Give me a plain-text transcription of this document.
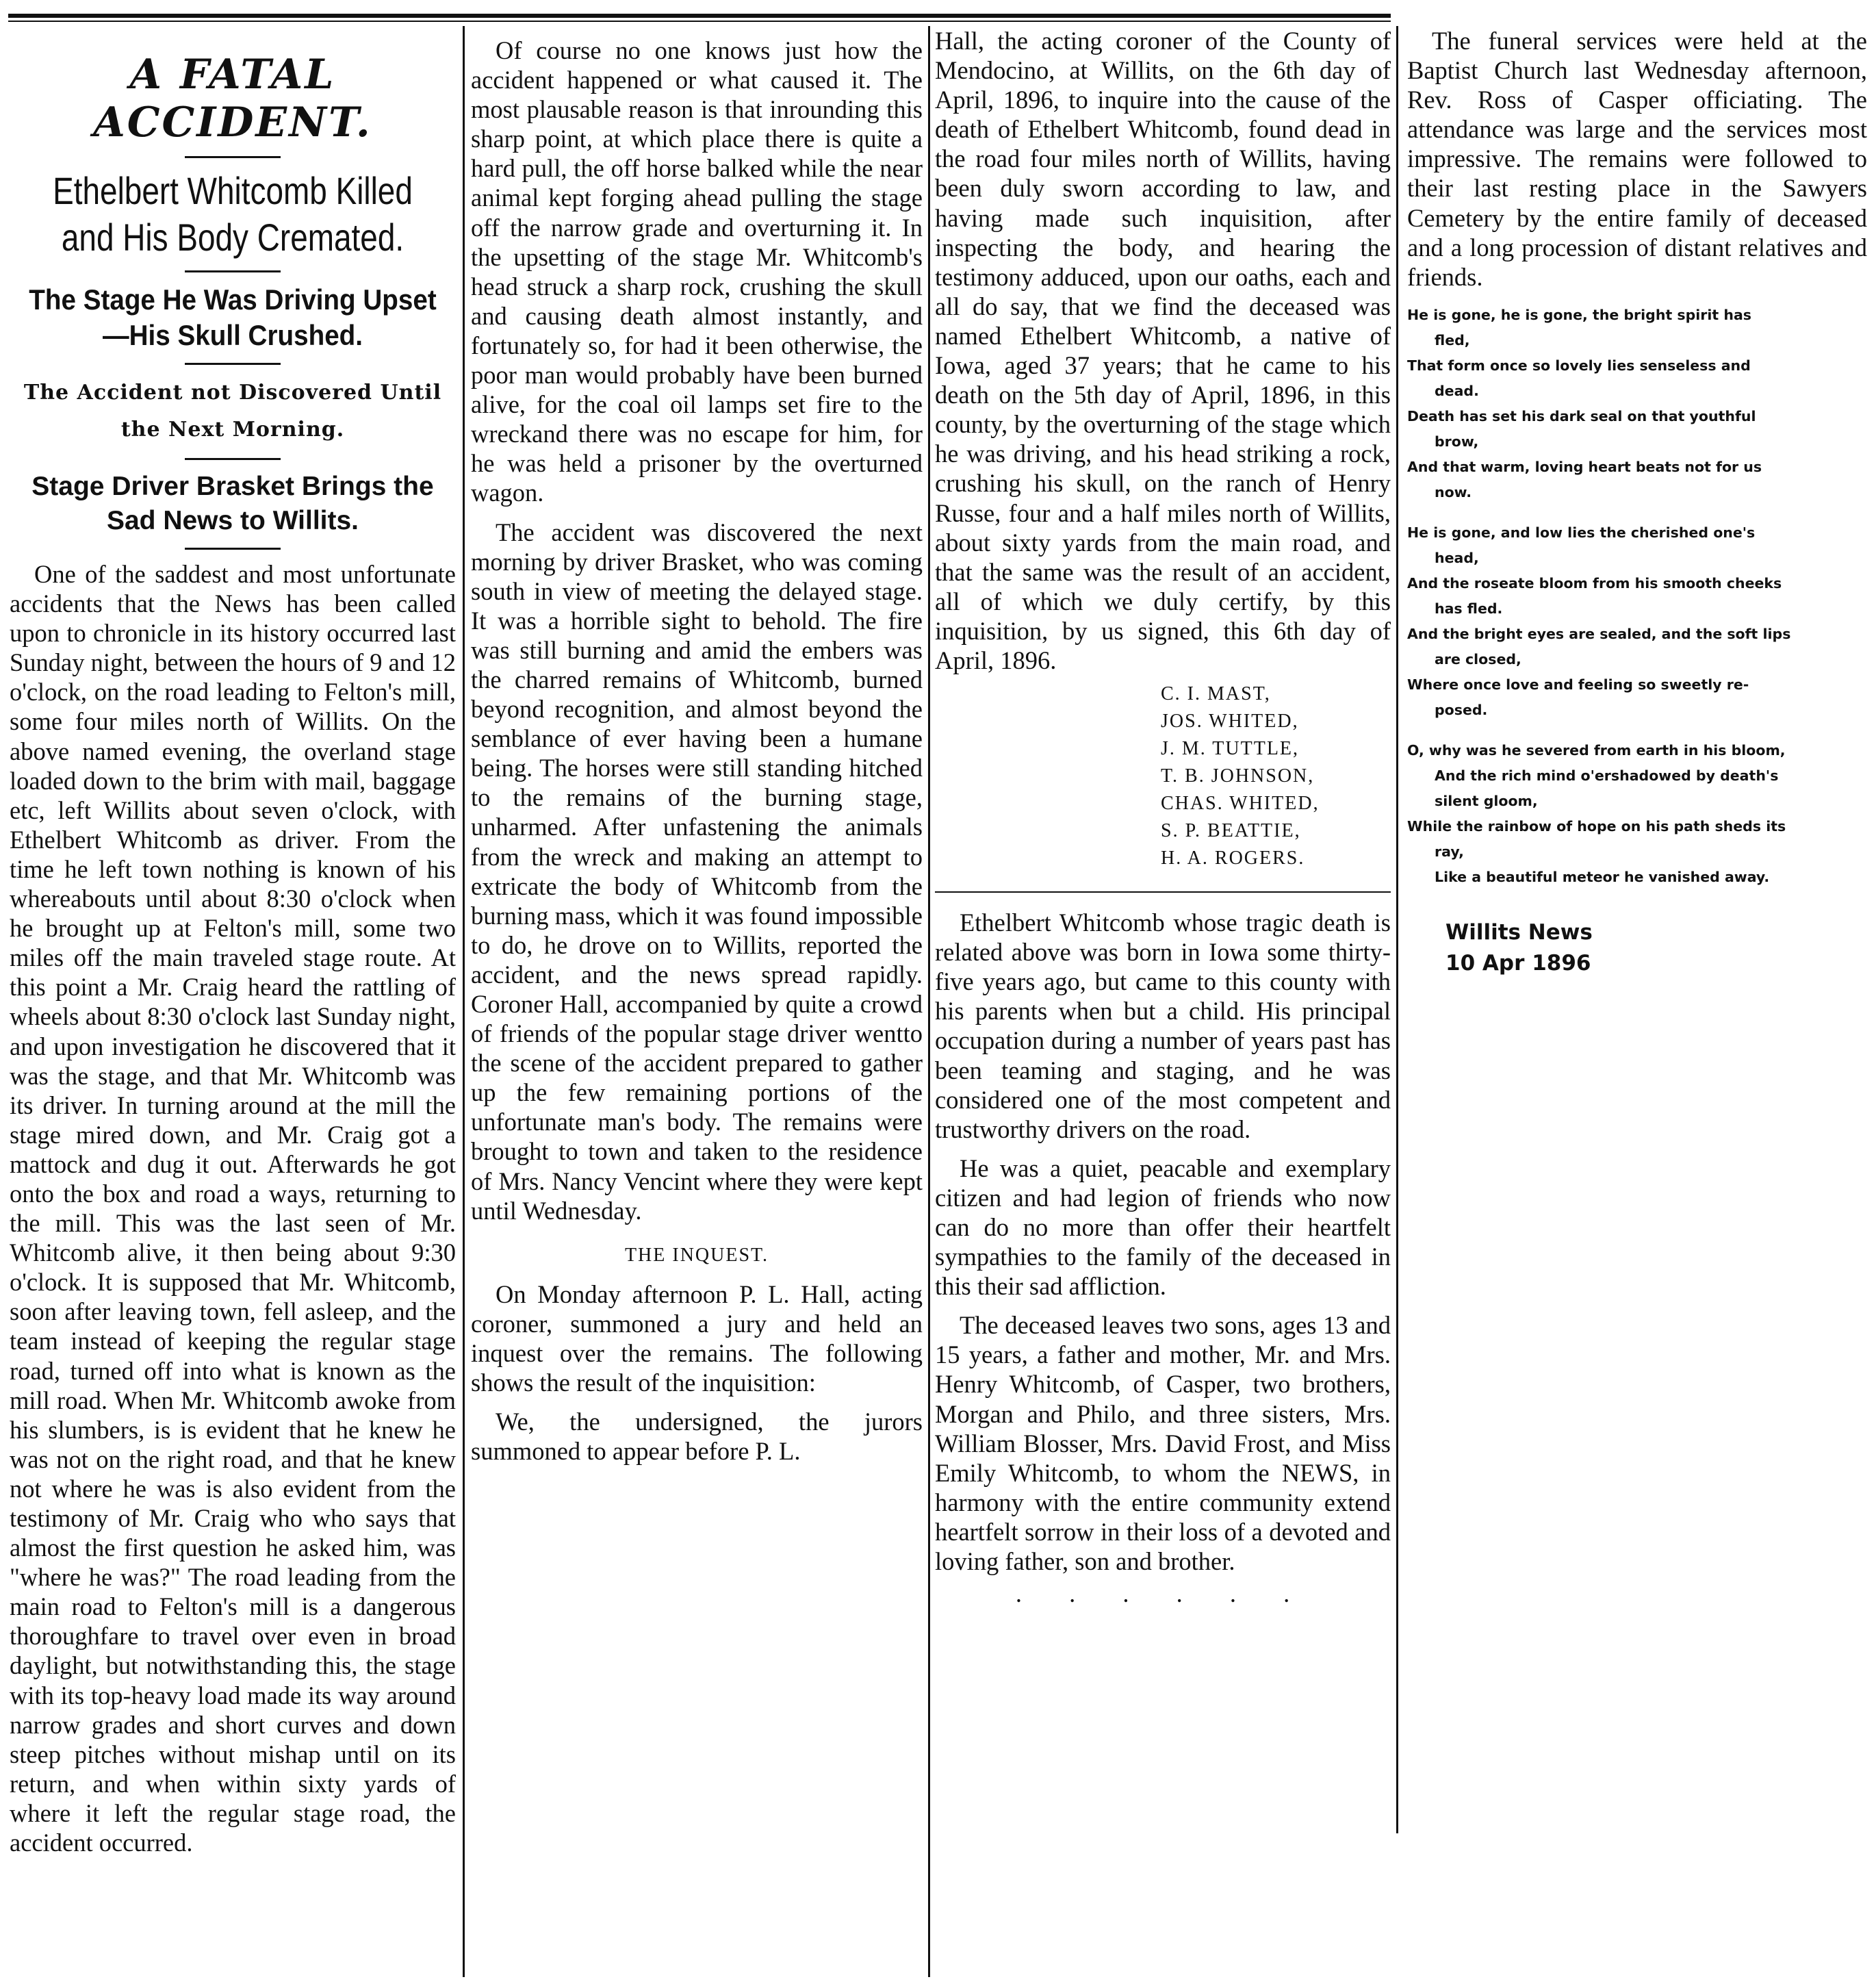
A FATAL ACCIDENT.
Ethelbert Whitcomb Killed and His Body Cremated.
The Stage He Was Driving Upset—His Skull Crushed.
The Accident not Discovered Until the Next Morning.
Stage Driver Brasket Brings the Sad News to Willits.

One of the saddest and most unfortunate accidents that the News has been called upon to chronicle in its history occurred last Sunday night, between the hours of 9 and 12 o'clock, on the road leading to Felton's mill, some four miles north of Willits. On the above named evening, the overland stage loaded down to the brim with mail, baggage etc, left Willits about seven o'clock, with Ethelbert Whitcomb as driver. From the time he left town nothing is known of his whereabouts until about 8:30 o'clock when he brought up at Felton's mill, some two miles off the main traveled stage route. At this point a Mr. Craig heard the rattling of wheels about 8:30 o'clock last Sunday night, and upon investigation he discovered that it was the stage, and that Mr. Whitcomb was its driver. In turning around at the mill the stage mired down, and Mr. Craig got a mattock and dug it out. Afterwards he got onto the box and road a ways, returning to the mill. This was the last seen of Mr. Whitcomb alive, it then being about 9:30 o'clock. It is supposed that Mr. Whitcomb, soon after leaving town, fell asleep, and the team instead of keeping the regular stage road, turned off into what is known as the mill road. When Mr. Whitcomb awoke from his slumbers, is is evident that he knew he was not on the right road, and that he knew not where he was is also evident from the testimony of Mr. Craig who who says that almost the first question he asked him, was "where he was?" The road leading from the main road to Felton's mill is a dangerous thoroughfare to travel over even in broad daylight, but notwithstanding this, the stage with its top-heavy load made its way around narrow grades and short curves and down steep pitches without mishap until on its return, and when within sixty yards of where it left the regular stage road, the accident occurred.

Of course no one knows just how the accident happened or what caused it. The most plausable reason is that inrounding this sharp point, at which place there is quite a hard pull, the off horse balked while the near animal kept forging ahead pulling the stage off the narrow grade and overturning it. In the upsetting of the stage Mr. Whitcomb's head struck a sharp rock, crushing the skull and causing death almost instantly, and fortunately so, for had it been otherwise, the poor man would probably have been burned alive, for the coal oil lamps set fire to the wreckand there was no escape for him, for he was held a prisoner by the overturned wagon.

The accident was discovered the next morning by driver Brasket, who was coming south in view of meeting the delayed stage. It was a horrible sight to behold. The fire was still burning and amid the embers was the charred remains of Whitcomb, burned beyond recognition, and almost beyond the semblance of ever having been a humane being. The horses were still standing hitched to the remains of the burning stage, unharmed. After unfastening the animals from the wreck and making an attempt to extricate the body of Whitcomb from the burning mass, which it was found impossible to do, he drove on to Willits, reported the accident, and the news spread rapidly. Coroner Hall, accompanied by quite a crowd of friends of the popular stage driver wentto the scene of the accident prepared to gather up the few remaining portions of the unfortunate man's body. The remains were brought to town and taken to the residence of Mrs. Nancy Vencint where they were kept until Wednesday.

THE INQUEST.

On Monday afternoon P. L. Hall, acting coroner, summoned a jury and held an inquest over the remains. The following shows the result of the inquisition:

We, the undersigned, the jurors summoned to appear before P. L.

Hall, the acting coroner of the County of Mendocino, at Willits, on the 6th day of April, 1896, to inquire into the cause of the death of Ethelbert Whitcomb, found dead in the road four miles north of Willits, having been duly sworn according to law, and having made such inquisition, after inspecting the body, and hearing the testimony adduced, upon our oaths, each and all do say, that we find the deceased was named Ethelbert Whitcomb, a native of Iowa, aged 37 years; that he came to his death on the 5th day of April, 1896, in this county, by the overturning of the stage which he was driving, and his head striking a rock, crushing his skull, on the ranch of Henry Russe, four and a half miles north of Willits, about sixty yards from the main road, and that the same was the result of an accident, all of which we duly certify, by this inquisition, by us signed, this 6th day of April, 1896.

C. I. MAST,
JOS. WHITED,
J. M. TUTTLE,
T. B. JOHNSON,
CHAS. WHITED,
S. P. BEATTIE,
H. A. ROGERS.

Ethelbert Whitcomb whose tragic death is related above was born in Iowa some thirty-five years ago, but came to this county with his parents when but a child. His principal occupation during a number of years past has been teaming and staging, and he was considered one of the most competent and trustworthy drivers on the road.

He was a quiet, peacable and exemplary citizen and had legion of friends who now can do no more than offer their heartfelt sympathies to the family of the deceased in this their sad affliction.

The deceased leaves two sons, ages 13 and 15 years, a father and mother, Mr. and Mrs. Henry Whitcomb, of Casper, two brothers, Morgan and Philo, and three sisters, Mrs. William Blosser, Mrs. David Frost, and Miss Emily Whitcomb, to whom the NEWS, in harmony with the entire community extend heartfelt sorrow in their loss of a devoted and loving father, son and brother.

. . . . . .

The funeral services were held at the Baptist Church last Wednesday afternoon, Rev. Ross of Casper officiating. The attendance was large and the services most impressive. The remains were followed to their last resting place in the Sawyers Cemetery by the entire family of deceased and a long procession of distant relatives and friends.

He is gone, he is gone, the bright spirit has
fled,
That form once so lovely lies senseless and
dead.
Death has set his dark seal on that youthful
brow,
And that warm, loving heart beats not for us
now.
He is gone, and low lies the cherished one's
head,
And the roseate bloom from his smooth cheeks
has fled.
And the bright eyes are sealed, and the soft lips
are closed,
Where once love and feeling so sweetly re-
posed.
O, why was he severed from earth in his bloom,
And the rich mind o'ershadowed by death's
silent gloom,
While the rainbow of hope on his path sheds its
ray,
Like a beautiful meteor he vanished away.
Willits News
10 Apr 1896
